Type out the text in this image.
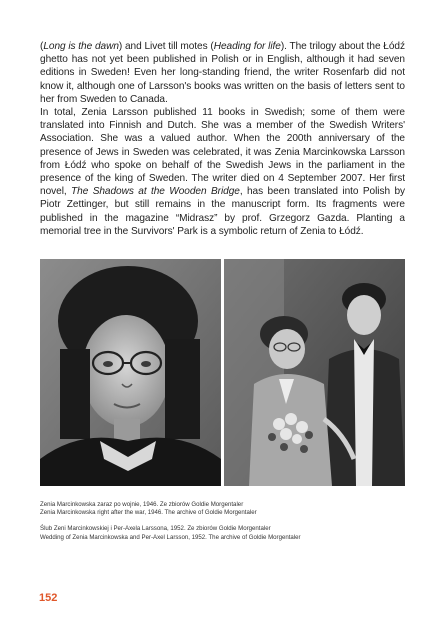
(Long is the dawn) and Livet till motes (Heading for life). The trilogy about the Łódź ghetto has not yet been published in Polish or in English, although it had seven editions in Sweden! Even her long-standing friend, the writer Rosenfarb did not know it, although one of Larsson's books was written on the basis of letters sent to her from Sweden to Canada.

In total, Zenia Larsson published 11 books in Swedish; some of them were translated into Finnish and Dutch. She was a member of the Swedish Writers' Association. She was a valued author. When the 200th anniversary of the presence of Jews in Sweden was celebrated, it was Zenia Marcinkowska Larsson from Łódź who spoke on behalf of the Swedish Jews in the parliament in the presence of the king of Sweden. The writer died on 4 September 2007. Her first novel, The Shadows at the Wooden Bridge, has been translated into Polish by Piotr Zettinger, but still remains in the manuscript form. Its fragments were published in the magazine “Midrasz” by prof. Grzegorz Gazda. Planting a memorial tree in the Survivors' Park is a symbolic return of Zenia to Łódź.

Zenia Marcinkowska zaraz po wojnie, 1946. Ze zbiorów Goldie Morgentaler
Zenia Marcinkowska right after the war, 1946. The archive of Goldie Morgentaler
Ślub Zeni Marcinkowskiej i Per-Axela Larssona, 1952. Ze zbiorów Goldie Morgentaler
Wedding of Zenia Marcinkowska and Per-Axel Larsson, 1952. The archive of Goldie Morgentaler
152
